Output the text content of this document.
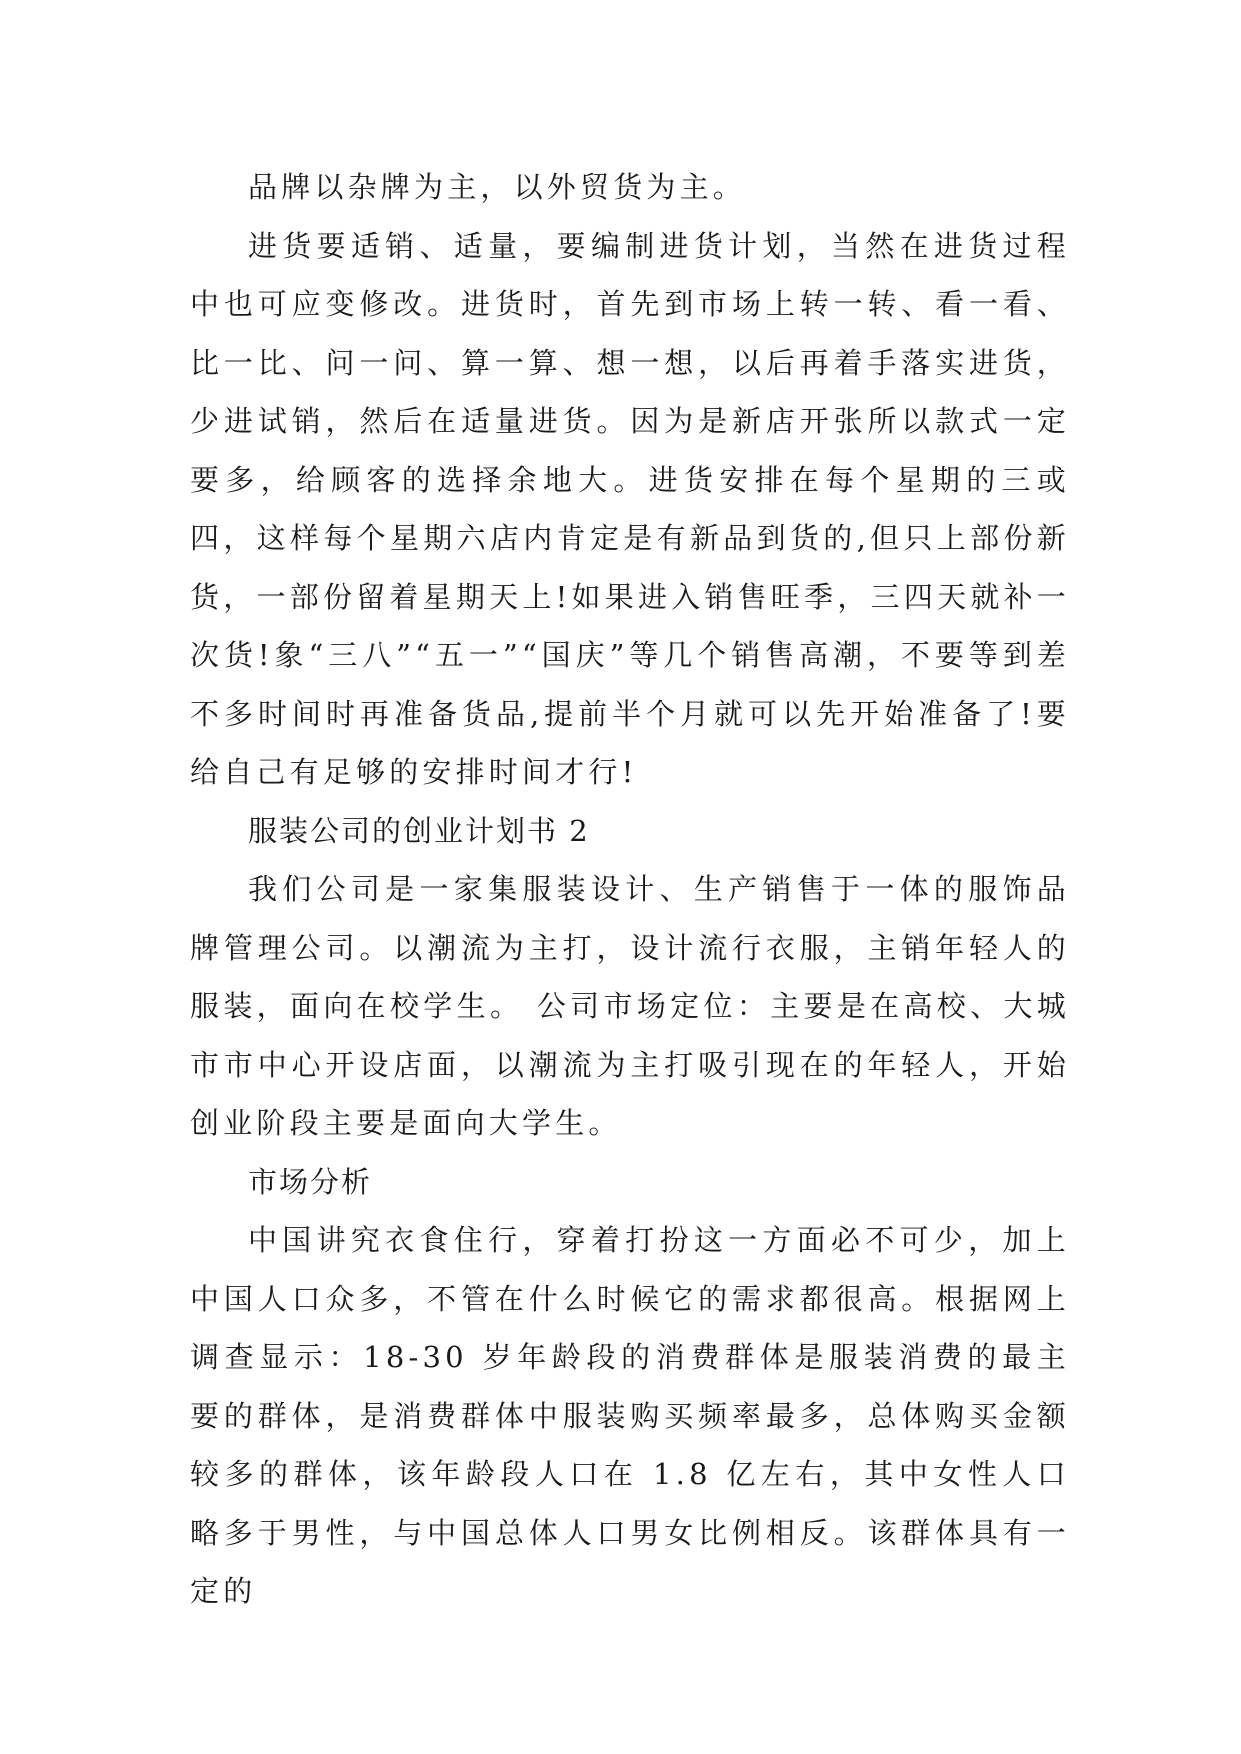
品牌以杂牌为主，以外贸货为主。

进货要适销、适量，要编制进货计划，当然在进货过程中也可应变修改。进货时，首先到市场上转一转、看一看、比一比、问一问、算一算、想一想，以后再着手落实进货，少进试销，然后在适量进货。因为是新店开张所以款式一定要多，给顾客的选择余地大。进货安排在每个星期的三或四，这样每个星期六店内肯定是有新品到货的,但只上部份新货，一部份留着星期天上!如果进入销售旺季，三四天就补一次货!象“三八”“五一”“国庆”等几个销售高潮，不要等到差不多时间时再准备货品,提前半个月就可以先开始准备了!要给自己有足够的安排时间才行!

服装公司的创业计划书 2

我们公司是一家集服装设计、生产销售于一体的服饰品牌管理公司。以潮流为主打，设计流行衣服，主销年轻人的服装，面向在校学生。 公司市场定位：主要是在高校、大城市市中心开设店面，以潮流为主打吸引现在的年轻人，开始创业阶段主要是面向大学生。

市场分析

中国讲究衣食住行，穿着打扮这一方面必不可少，加上中国人口众多，不管在什么时候它的需求都很高。根据网上调查显示：18-30 岁年龄段的消费群体是服装消费的最主要的群体，是消费群体中服装购买频率最多，总体购买金额较多的群体，该年龄段人口在 1.8 亿左右，其中女性人口略多于男性，与中国总体人口男女比例相反。该群体具有一定的
